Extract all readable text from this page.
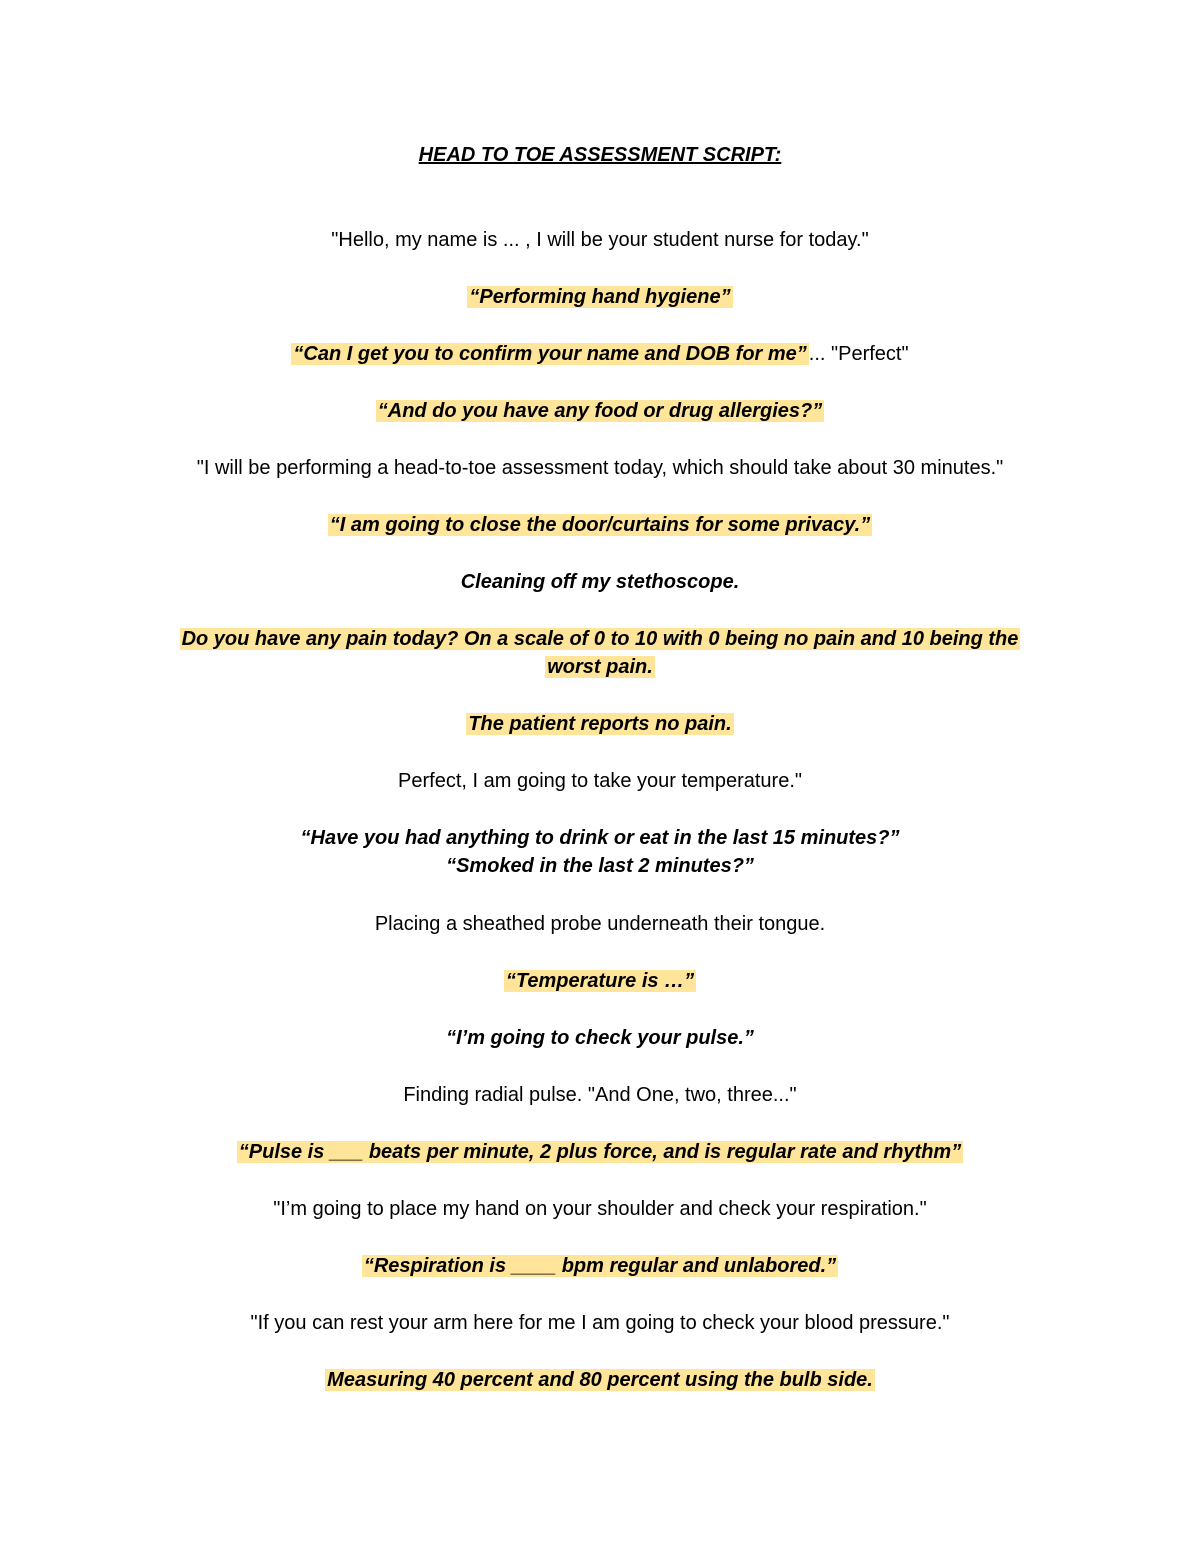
HEAD TO TOE ASSESSMENT SCRIPT:
"Hello, my name is ... , I will be your student nurse for today."
“Performing hand hygiene”
“Can I get you to confirm your name and DOB for me” ... "Perfect"
“And do you have any food or drug allergies?”
"I will be performing a head-to-toe assessment today, which should take about 30 minutes."
“I am going to close the door/curtains for some privacy.”
Cleaning off my stethoscope.
Do you have any pain today? On a scale of 0 to 10 with 0 being no pain and 10 being the
worst pain.
The patient reports no pain.
Perfect, I am going to take your temperature."
“Have you had anything to drink or eat in the last 15 minutes?”
“Smoked in the last 2 minutes?”
Placing a sheathed probe underneath their tongue.
“Temperature is …”
“I’m going to check your pulse.”
Finding radial pulse. "And One, two, three..."
“Pulse is ___ beats per minute, 2 plus force, and is regular rate and rhythm”
"I’m going to place my hand on your shoulder and check your respiration."
“Respiration is ____ bpm regular and unlabored.”
"If you can rest your arm here for me I am going to check your blood pressure."
Measuring 40 percent and 80 percent using the bulb side.
